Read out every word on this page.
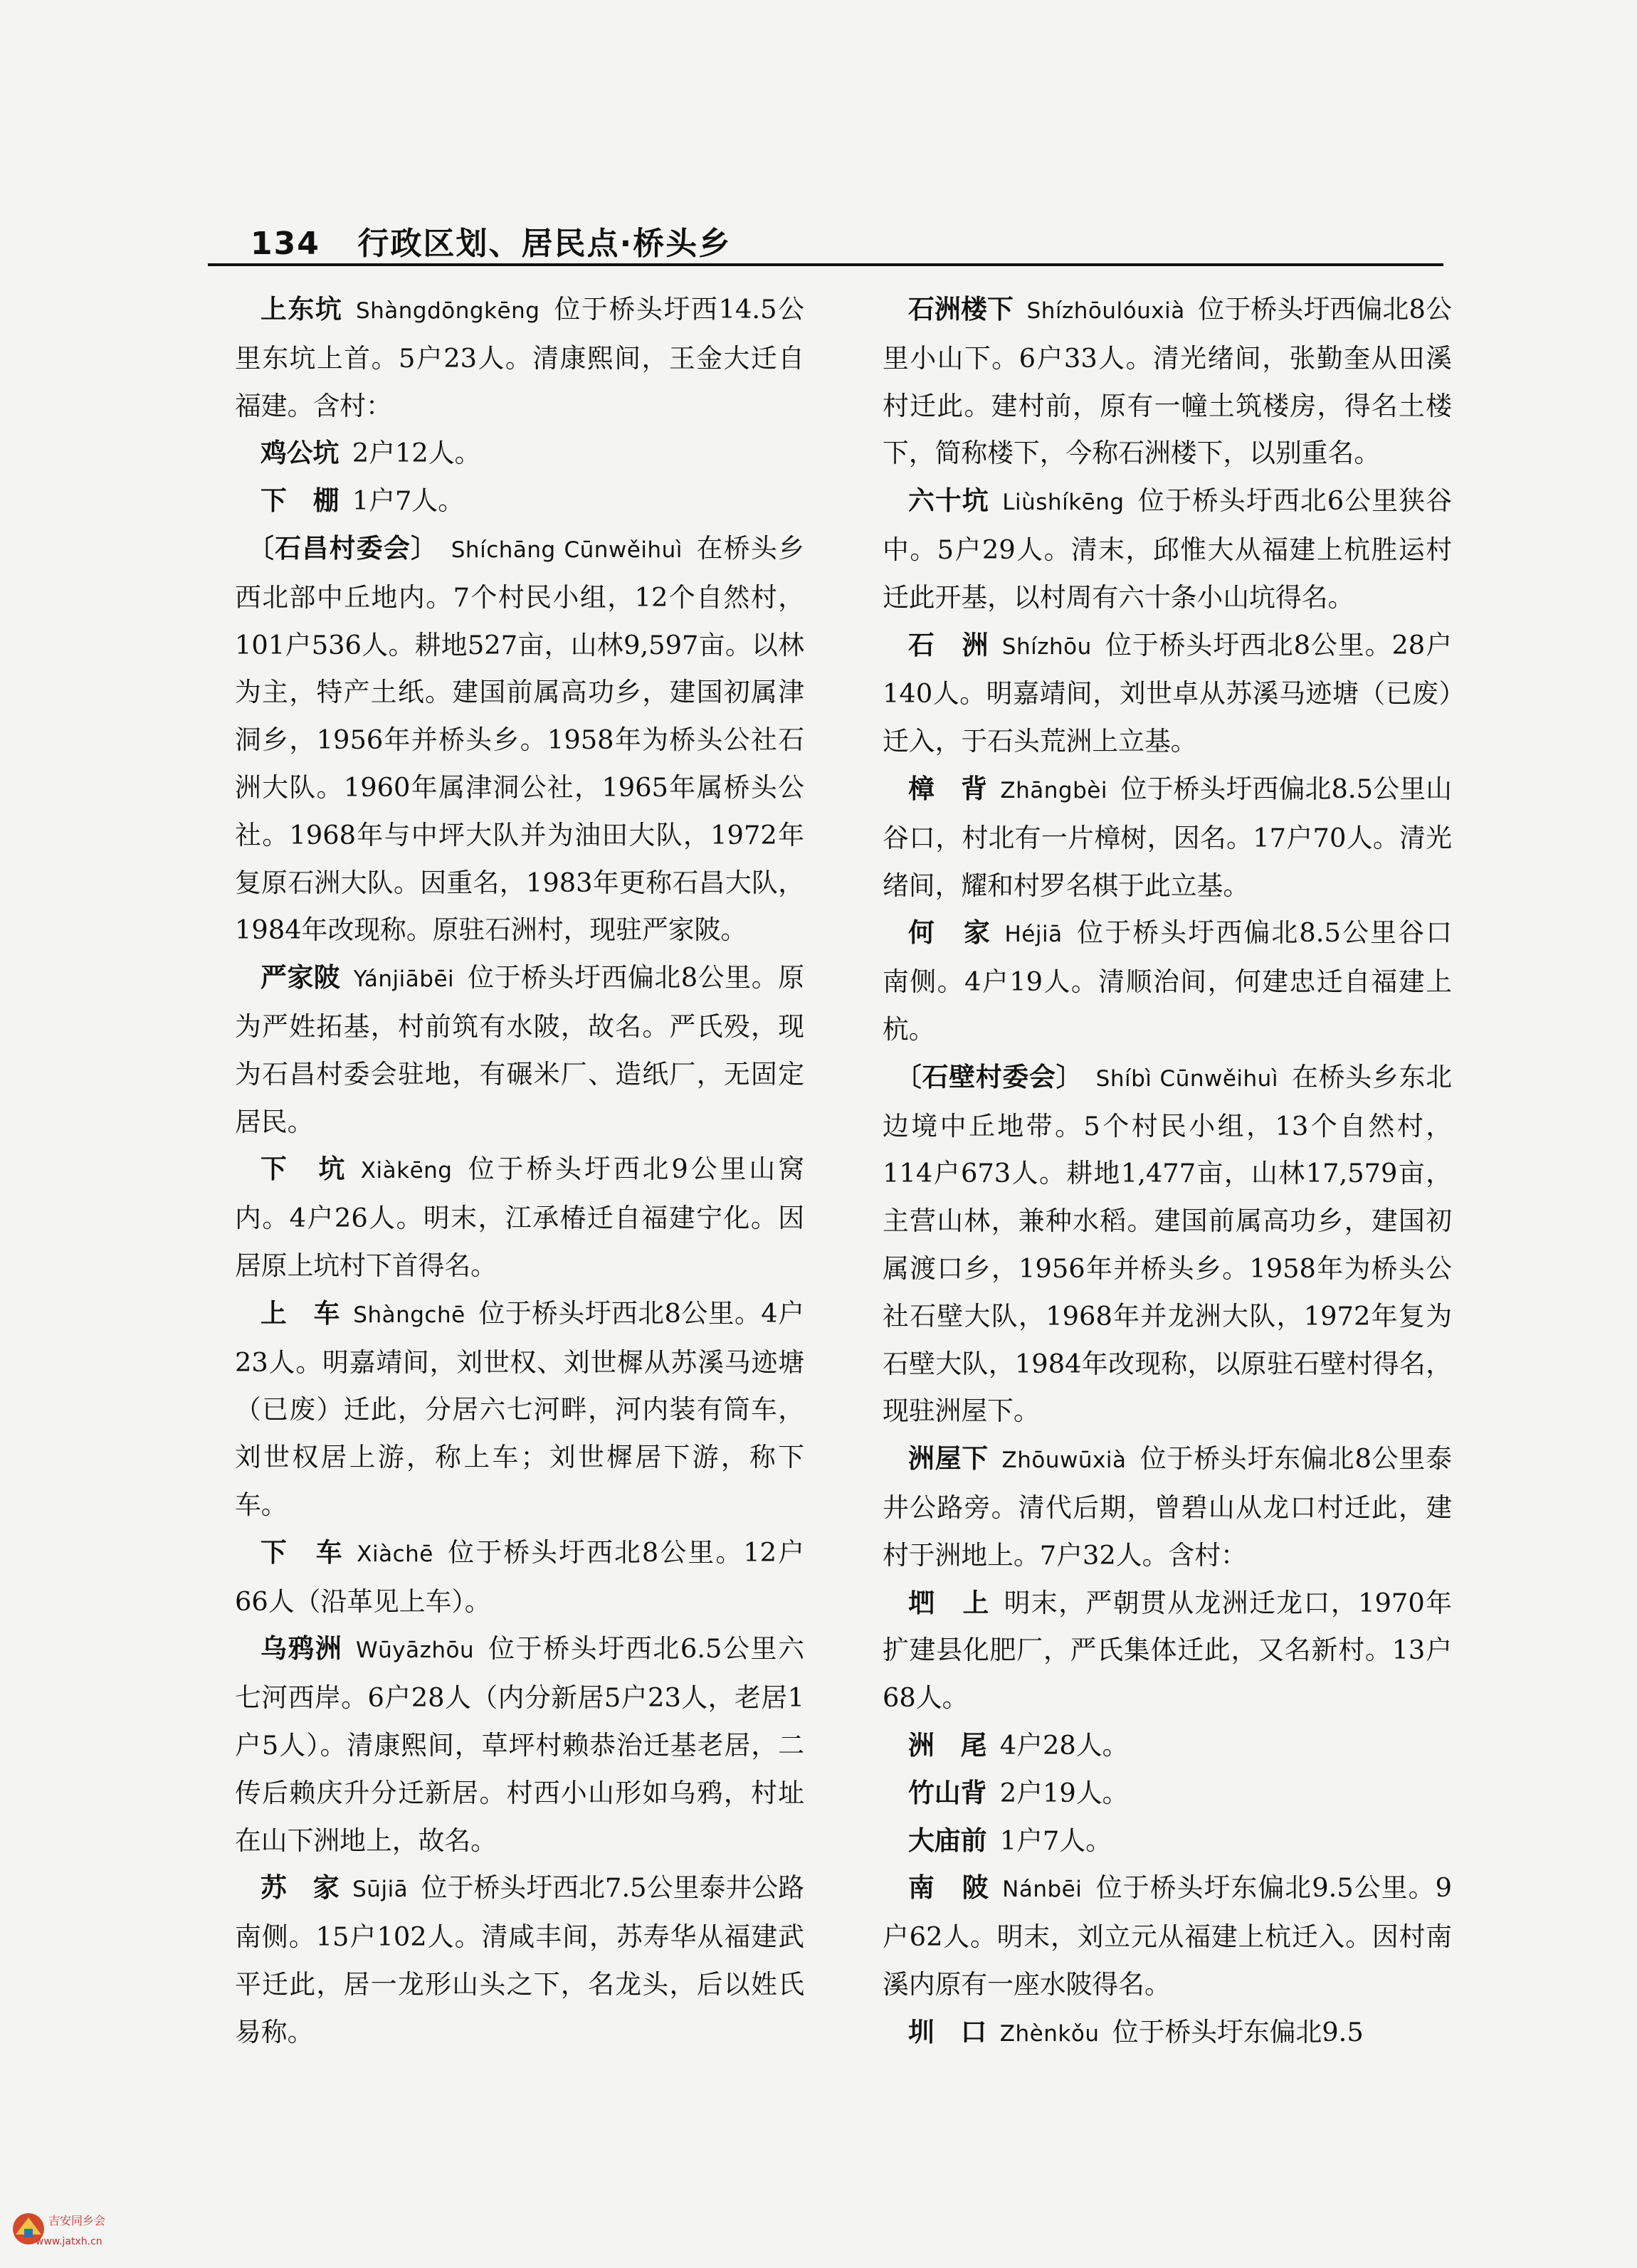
134 行政区划、居民点·桥头乡

上东坑  Shàngdōngkēng  位于桥头圩西14.5公里东坑上首。5户23人。清康熙间，王金大迁自福建。含村：

鸡公坑  2户12人。

下　棚  1户7人。

〔石昌村委会〕  Shíchāng Cūnwěihuì  在桥头乡西北部中丘地内。7个村民小组，12个自然村，101户536人。耕地527亩，山林9,597亩。以林为主，特产土纸。建国前属高功乡，建国初属津洞乡，1956年并桥头乡。1958年为桥头公社石洲大队。1960年属津洞公社，1965年属桥头公社。1968年与中坪大队并为油田大队，1972年复原石洲大队。因重名，1983年更称石昌大队，1984年改现称。原驻石洲村，现驻严家陂。

严家陂  Yánjiābēi  位于桥头圩西偏北8公里。原为严姓拓基，村前筑有水陂，故名。严氏殁，现为石昌村委会驻地，有碾米厂、造纸厂，无固定居民。

下　坑  Xiàkēng  位于桥头圩西北9公里山窝内。4户26人。明末，江承椿迁自福建宁化。因居原上坑村下首得名。

上　车  Shàngchē  位于桥头圩西北8公里。4户23人。明嘉靖间，刘世权、刘世樨从苏溪马迹塘（已废）迁此，分居六七河畔，河内装有筒车，刘世权居上游，称上车；刘世樨居下游，称下车。

下　车  Xiàchē  位于桥头圩西北8公里。12户66人（沿革见上车）。

乌鸦洲  Wūyāzhōu  位于桥头圩西北6.5公里六七河西岸。6户28人（内分新居5户23人，老居1户5人）。清康熙间，草坪村赖恭治迁基老居，二传后赖庆升分迁新居。村西小山形如乌鸦，村址在山下洲地上，故名。

苏　家  Sūjiā  位于桥头圩西北7.5公里泰井公路南侧。15户102人。清咸丰间，苏寿华从福建武平迁此，居一龙形山头之下，名龙头，后以姓氏易称。

石洲楼下  Shízhōulóuxià  位于桥头圩西偏北8公里小山下。6户33人。清光绪间，张勤奎从田溪村迁此。建村前，原有一幢土筑楼房，得名土楼下，简称楼下，今称石洲楼下，以别重名。

六十坑  Liùshíkēng  位于桥头圩西北6公里狭谷中。5户29人。清末，邱惟大从福建上杭胜运村迁此开基，以村周有六十条小山坑得名。

石　洲  Shízhōu  位于桥头圩西北8公里。28户140人。明嘉靖间，刘世卓从苏溪马迹塘（已废）迁入，于石头荒洲上立基。

樟　背  Zhāngbèi  位于桥头圩西偏北8.5公里山谷口，村北有一片樟树，因名。17户70人。清光绪间，耀和村罗名棋于此立基。

何　家  Héjiā  位于桥头圩西偏北8.5公里谷口南侧。4户19人。清顺治间，何建忠迁自福建上杭。

〔石壁村委会〕  Shíbì Cūnwěihuì  在桥头乡东北边境中丘地带。5个村民小组，13个自然村，114户673人。耕地1,477亩，山林17,579亩，主营山林，兼种水稻。建国前属高功乡，建国初属渡口乡，1956年并桥头乡。1958年为桥头公社石壁大队，1968年并龙洲大队，1972年复为石壁大队，1984年改现称，以原驻石壁村得名，现驻洲屋下。

洲屋下  Zhōuwūxià  位于桥头圩东偏北8公里泰井公路旁。清代后期，曾碧山从龙口村迁此，建村于洲地上。7户32人。含村：

垇　上  明末，严朝贯从龙洲迁龙口，1970年扩建县化肥厂，严氏集体迁此，又名新村。13户68人。

洲　尾  4户28人。

竹山背  2户19人。

大庙前  1户7人。

南　陂  Nánbēi  位于桥头圩东偏北9.5公里。9户62人。明末，刘立元从福建上杭迁入。因村南溪内原有一座水陂得名。

圳　口  Zhènkǒu  位于桥头圩东偏北9.5

吉安同乡会
www.jatxh.cn
